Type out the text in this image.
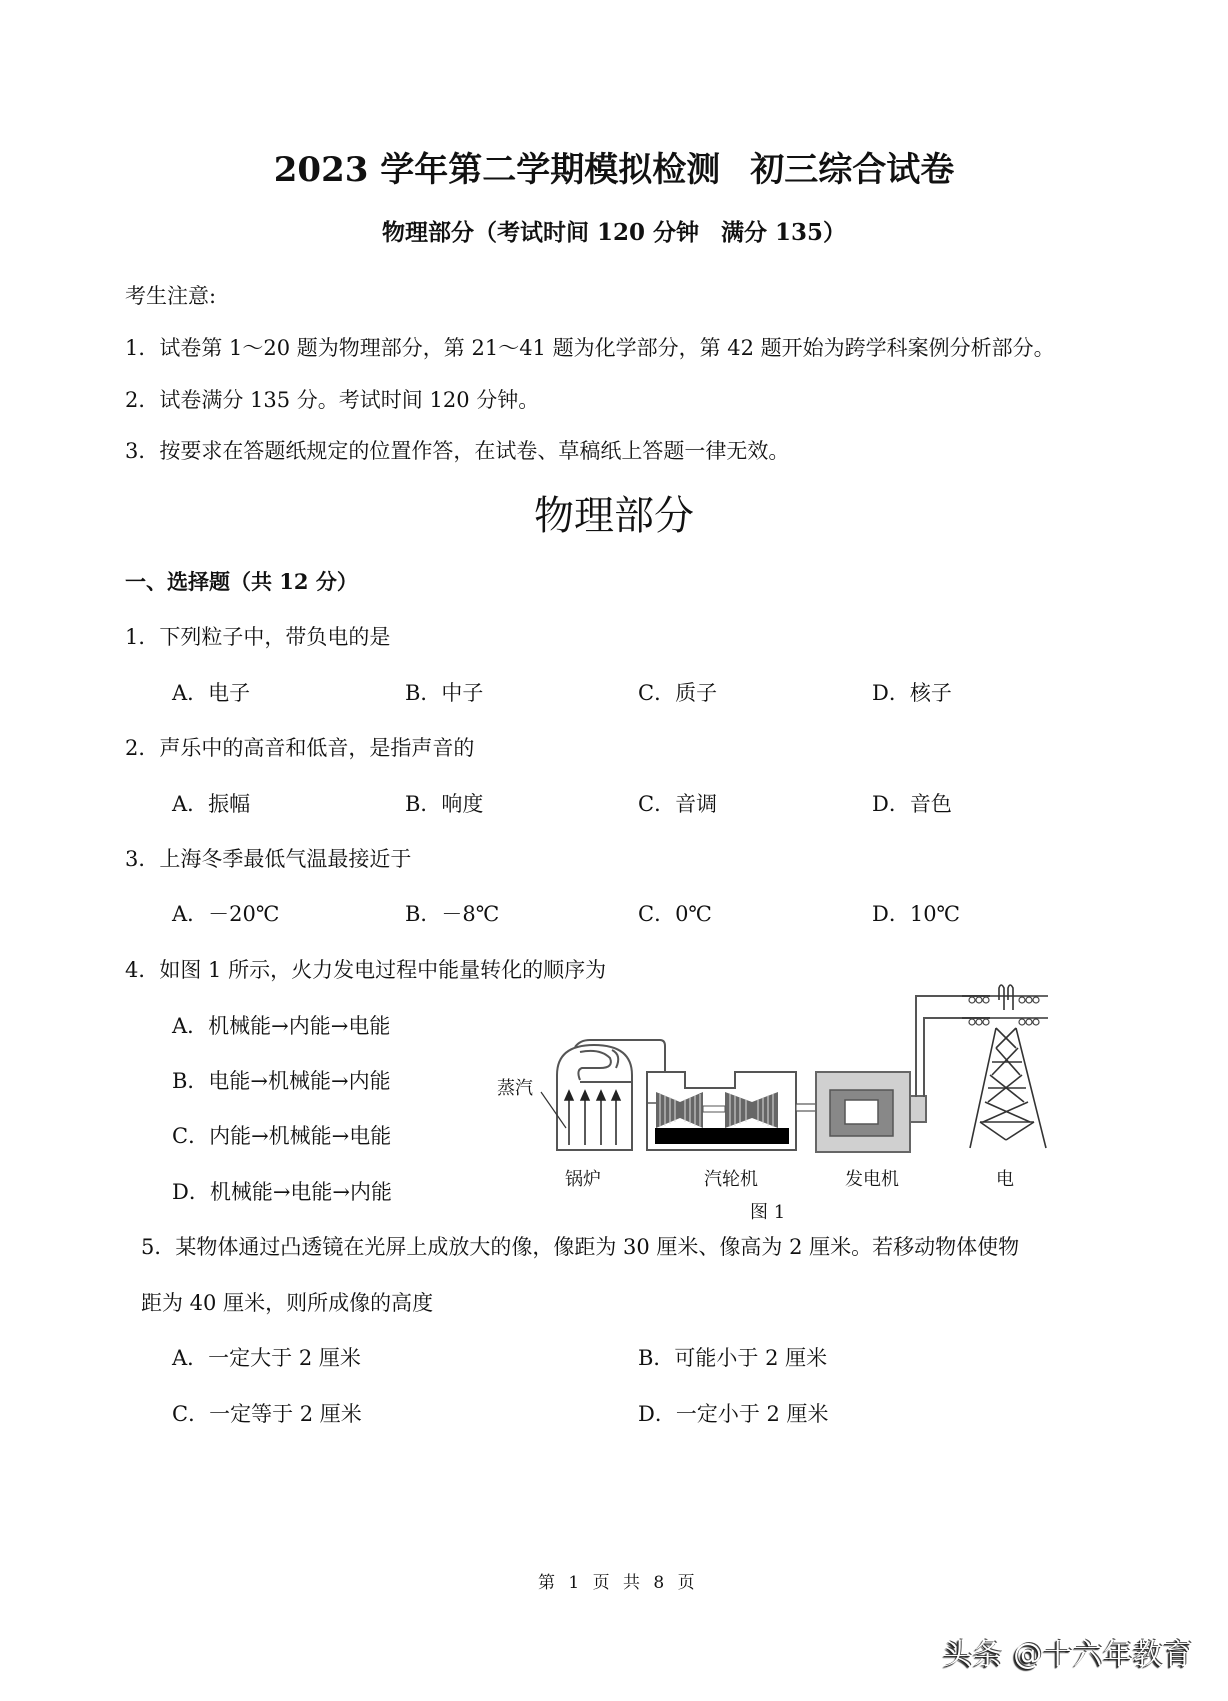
2023 学年第二学期模拟检测 初三综合试卷
物理部分（考试时间 120 分钟 满分 135）
考生注意:
1．试卷第 1～20 题为物理部分，第 21～41 题为化学部分，第 42 题开始为跨学科案例分析部分。
2．试卷满分 135 分。考试时间 120 分钟。
3．按要求在答题纸规定的位置作答，在试卷、草稿纸上答题一律无效。
物理部分
一、选择题（共 12 分）
1．下列粒子中，带负电的是
A．电子	B．中子	C．质子	D．核子
2．声乐中的高音和低音，是指声音的
A．振幅	B．响度	C．音调	D．音色
3．上海冬季最低气温最接近于
A．－20℃	B．－8℃	C．0℃	D．10℃
4．如图 1 所示，火力发电过程中能量转化的顺序为
A．机械能→内能→电能
B．电能→机械能→内能
C．内能→机械能→电能
D．机械能→电能→内能
蒸汽
锅炉	汽轮机	发电机	电
图 1
5．某物体通过凸透镜在光屏上成放大的像，像距为 30 厘米、像高为 2 厘米。若移动物体使物
距为 40 厘米，则所成像的高度
A．一定大于 2 厘米	B．可能小于 2 厘米
C．一定等于 2 厘米	D．一定小于 2 厘米
第 1 页 共 8 页
头条 @十六年教育
